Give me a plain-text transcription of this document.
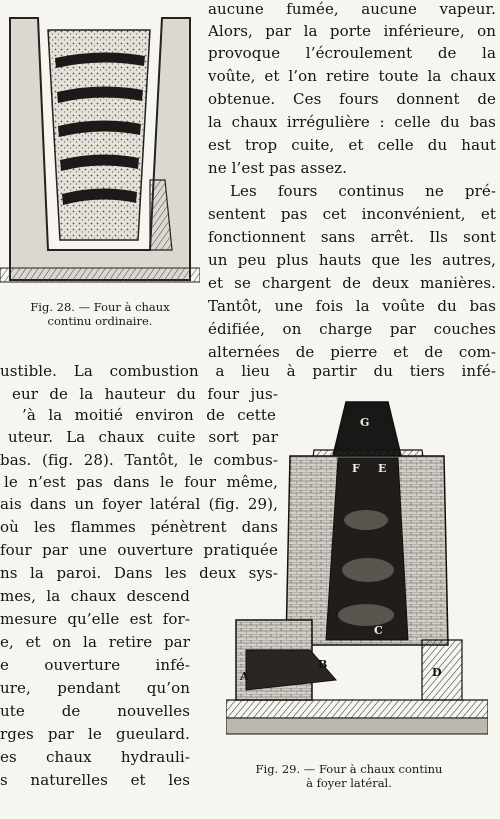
Fig. 28. — Four à chaux
continu ordinaire.
aucune fumée, aucune vapeur.
Alors, par la porte inférieure, on
provoque l’écroulement de la
voûte, et l’on retire toute la chaux
obtenue. Ces fours donnent de
la chaux irrégulière : celle du bas
est trop cuite, et celle du haut
ne l’est pas assez.
Les fours continus ne pré-
sentent pas cet inconvénient, et
fonctionnent sans arrêt. Ils sont
un peu plus hauts que les autres,
et se chargent de deux manières.
Tantôt, une fois la voûte du bas
édifiée, on charge par couches
alternées de pierre et de com-
ustible. La combustion a lieu à partir du tiers infé-
eur de la hauteur du four jus-
’à la moitié environ de cette
uteur. La chaux cuite sort par
bas. (fig. 28). Tantôt, le combus-
le n’est pas dans le four même,
ais dans un foyer latéral (fig. 29),
où les flammes pénètrent dans
four par une ouverture pratiquée
ns la paroi. Dans les deux sys-
mes, la chaux descend
mesure qu’elle est for-
e, et on la retire par
e ouverture infé-
ure, pendant qu’on
ute de nouvelles
rges par le gueulard.
es chaux hydrauli-
s naturelles et les
G
F E
C
B
A	D
Fig. 29. — Four à chaux continu
à foyer latéral.
